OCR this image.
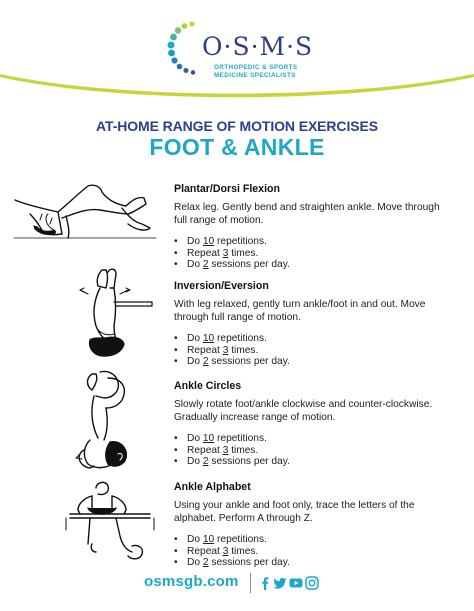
O·S·M·S
ORTHOPEDIC & SPORTS
MEDICINE SPECIALISTS
AT-HOME RANGE OF MOTION EXERCISES
FOOT & ANKLE
Plantar/Dorsi Flexion
Relax leg. Gently bend and straighten ankle. Move through full range of motion.
• Do 10 repetitions.
• Repeat 3 times.
• Do 2 sessions per day.
Inversion/Eversion
With leg relaxed, gently turn ankle/foot in and out. Move through full range of motion.
• Do 10 repetitions.
• Repeat 3 times.
• Do 2 sessions per day.
Ankle Circles
Slowly rotate foot/ankle clockwise and counter-clockwise. Gradually increase range of motion.
• Do 10 repetitions.
• Repeat 3 times.
• Do 2 sessions per day.
Ankle Alphabet
Using your ankle and foot only, trace the letters of the alphabet. Perform A through Z.
• Do 10 repetitions.
• Repeat 3 times.
• Do 2 sessions per day.
osmsgb.com
